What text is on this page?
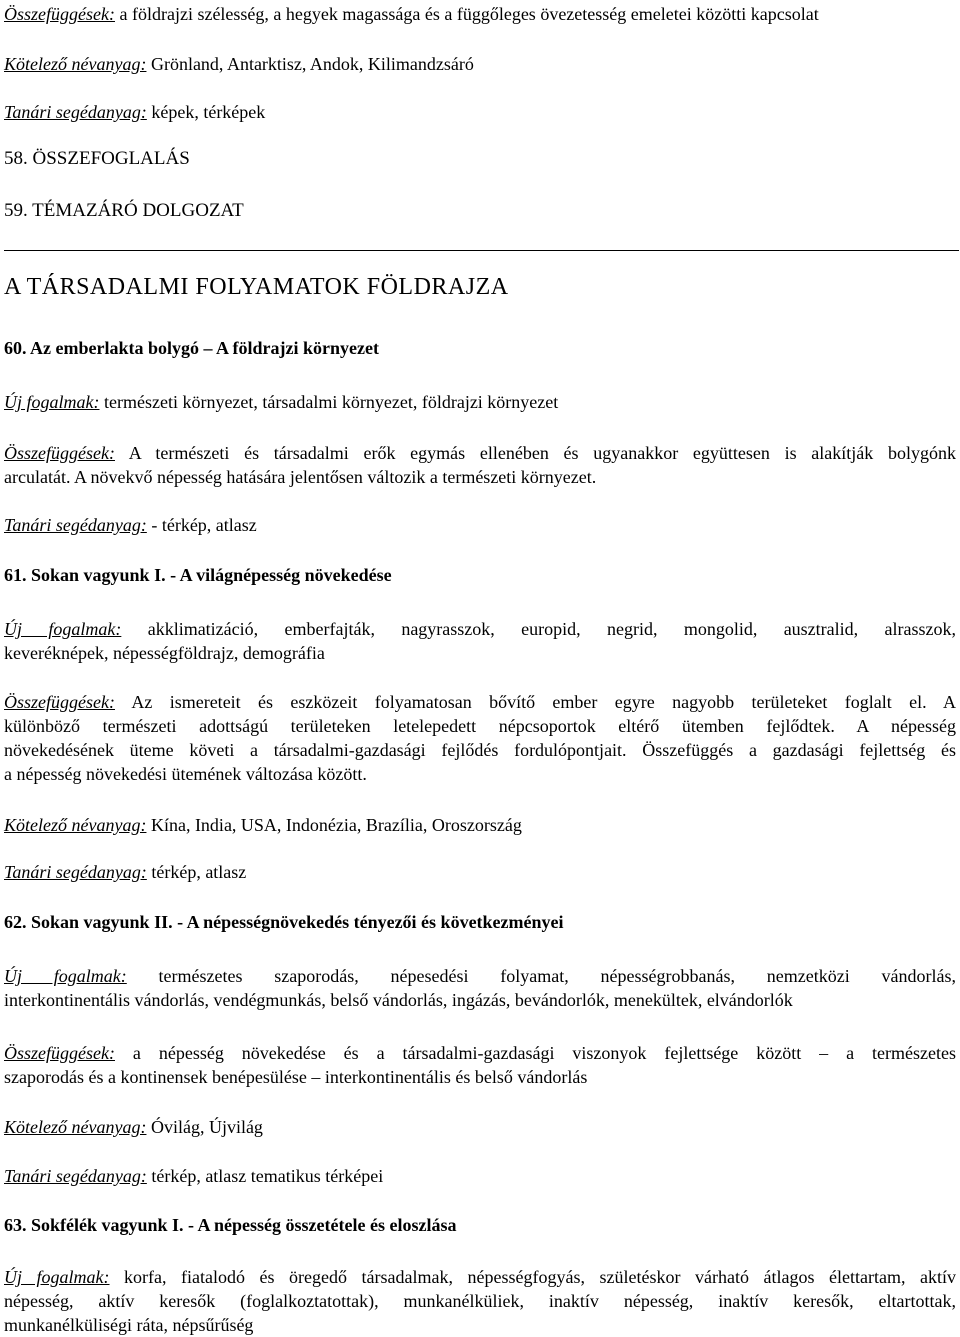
Összefüggések: a földrajzi szélesség, a hegyek magassága és a függőleges övezetesség emeletei közötti kapcsolat
Kötelező névanyag: Grönland, Antarktisz, Andok, Kilimandzsáró
Tanári segédanyag: képek, térképek
58. ÖSSZEFOGLALÁS
59. TÉMAZÁRÓ DOLGOZAT
A TÁRSADALMI FOLYAMATOK FÖLDRAJZA
60. Az emberlakta bolygó – A földrajzi környezet
Új fogalmak: természeti környezet, társadalmi környezet, földrajzi környezet
Összefüggések: A természeti és társadalmi erők egymás ellenében és ugyanakkor együttesen is alakítják bolygónk
arculatát. A növekvő népesség hatására jelentősen változik a természeti környezet.
Tanári segédanyag: - térkép, atlasz
61. Sokan vagyunk I. - A világnépesség növekedése
Új fogalmak: akklimatizáció, emberfajták, nagyrasszok, europid, negrid, mongolid, ausztralid, alrasszok,
keveréknépek, népességföldrajz, demográfia
Összefüggések: Az ismereteit és eszközeit folyamatosan bővítő ember egyre nagyobb területeket foglalt el. A
különböző természeti adottságú területeken letelepedett népcsoportok eltérő ütemben fejlődtek. A népesség
növekedésének üteme követi a társadalmi-gazdasági fejlődés fordulópontjait. Összefüggés a gazdasági fejlettség és
a népesség növekedési ütemének változása között.
Kötelező névanyag: Kína, India, USA, Indonézia, Brazília, Oroszország
Tanári segédanyag: térkép, atlasz
62. Sokan vagyunk II. - A népességnövekedés tényezői és következményei
Új fogalmak: természetes szaporodás, népesedési folyamat, népességrobbanás, nemzetközi vándorlás,
interkontinentális vándorlás, vendégmunkás, belső vándorlás, ingázás, bevándorlók, menekültek, elvándorlók
Összefüggések: a népesség növekedése és a társadalmi-gazdasági viszonyok fejlettsége között – a természetes
szaporodás és a kontinensek benépesülése – interkontinentális és belső vándorlás
Kötelező névanyag: Óvilág, Újvilág
Tanári segédanyag: térkép, atlasz tematikus térképei
63. Sokfélék vagyunk I. - A népesség összetétele és eloszlása
Új fogalmak: korfa, fiatalodó és öregedő társadalmak, népességfogyás, születéskor várható átlagos élettartam, aktív
népesség, aktív keresők (foglalkoztatottak), munkanélküliek, inaktív népesség, inaktív keresők, eltartottak,
munkanélküliségi ráta, népsűrűség
